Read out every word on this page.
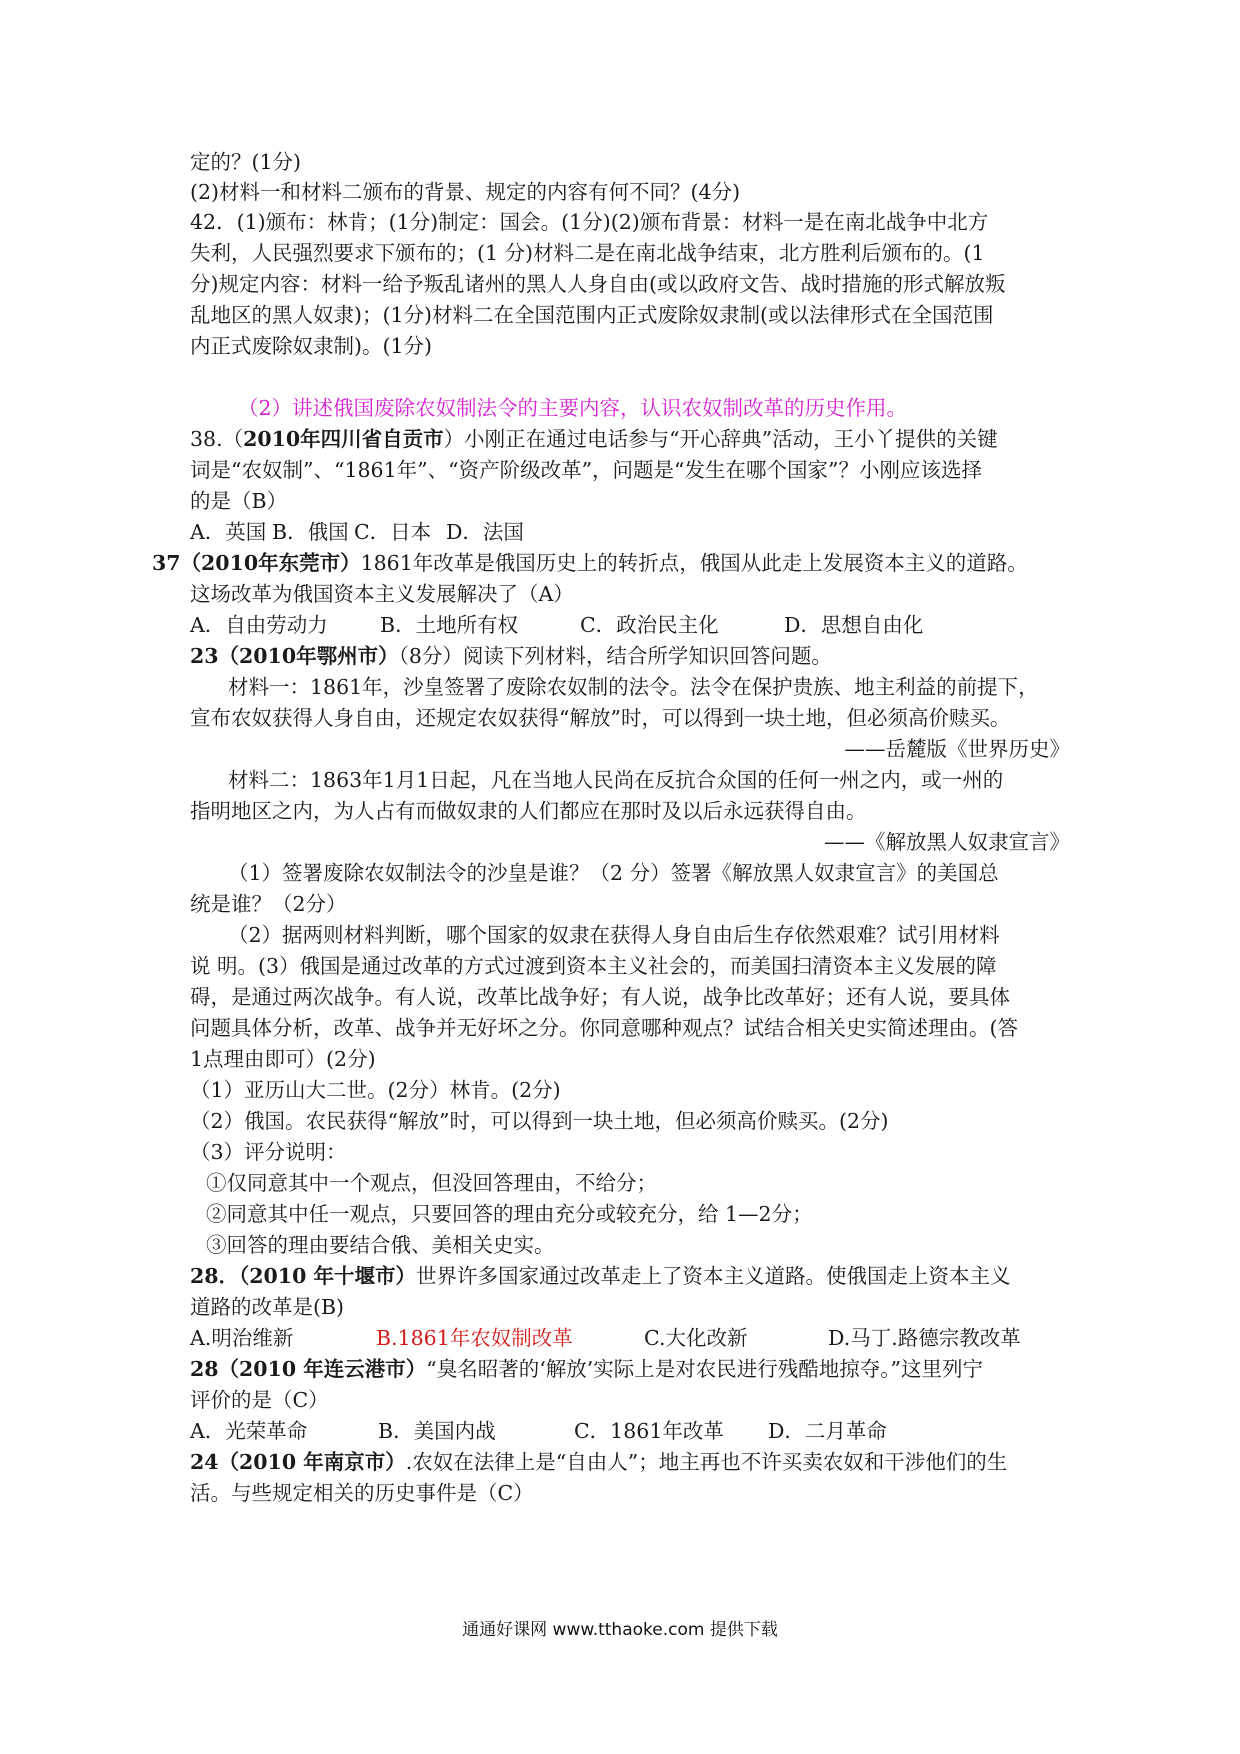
定的？(1分)
(2)材料一和材料二颁布的背景、规定的内容有何不同？(4分)
42．(1)颁布：林肯；(1分)制定：国会。(1分)(2)颁布背景：材料一是在南北战争中北方
失利，人民强烈要求下颁布的；(1 分)材料二是在南北战争结束，北方胜利后颁布的。(1
分)规定内容：材料一给予叛乱诸州的黑人人身自由(或以政府文告、战时措施的形式解放叛
乱地区的黑人奴隶)；(1分)材料二在全国范围内正式废除奴隶制(或以法律形式在全国范围
内正式废除奴隶制)。(1分)
（2）讲述俄国废除农奴制法令的主要内容，认识农奴制改革的历史作用。
38.（2010年四川省自贡市）小刚正在通过电话参与“开心辞典”活动，王小丫提供的关键
词是“农奴制”、“1861年”、“资产阶级改革”，问题是“发生在哪个国家”？小刚应该选择
的是（B）
A．英国 B．俄国 C．日本 D．法国
37（2010年东莞市）1861年改革是俄国历史上的转折点，俄国从此走上发展资本主义的道路。
这场改革为俄国资本主义发展解决了（A）
A．自由劳动力	B．土地所有权	C．政治民主化	D．思想自由化
23（2010年鄂州市）（8分）阅读下列材料，结合所学知识回答问题。
材料一：1861年，沙皇签署了废除农奴制的法令。法令在保护贵族、地主利益的前提下，
宣布农奴获得人身自由，还规定农奴获得“解放”时，可以得到一块土地，但必须高价赎买。
——岳麓版《世界历史》
材料二：1863年1月1日起，凡在当地人民尚在反抗合众国的任何一州之内，或一州的
指明地区之内，为人占有而做奴隶的人们都应在那时及以后永远获得自由。
——《解放黑人奴隶宣言》
（1）签署废除农奴制法令的沙皇是谁？（2 分）签署《解放黑人奴隶宣言》的美国总
统是谁？（2分）
（2）据两则材料判断，哪个国家的奴隶在获得人身自由后生存依然艰难？试引用材料
说 明。(3）俄国是通过改革的方式过渡到资本主义社会的，而美国扫清资本主义发展的障
碍，是通过两次战争。有人说，改革比战争好；有人说，战争比改革好；还有人说，要具体
问题具体分析，改革、战争并无好坏之分。你同意哪种观点？试结合相关史实简述理由。(答
1点理由即可）(2分)
（1）亚历山大二世。(2分）林肯。(2分)
（2）俄国。农民获得“解放”时，可以得到一块土地，但必须高价赎买。(2分)
（3）评分说明：
①仅同意其中一个观点，但没回答理由，不给分；
②同意其中任一观点，只要回答的理由充分或较充分，给 1—2分；
③回答的理由要结合俄、美相关史实。
28．（2010 年十堰市）世界许多国家通过改革走上了资本主义道路。使俄国走上资本主义
道路的改革是(B)
A.明治维新	B.1861年农奴制改革	C.大化改新	D.马丁.路德宗教改革
28（2010 年连云港市）“臭名昭著的‘解放’实际上是对农民进行残酷地掠夺。”这里列宁
评价的是（C）
A．光荣革命	B．美国内战	C．1861年改革 D．二月革命
24（2010 年南京市）.农奴在法律上是“自由人”；地主再也不许买卖农奴和干涉他们的生
活。与些规定相关的历史事件是（C）
通通好课网 www.tthaoke.com 提供下载
